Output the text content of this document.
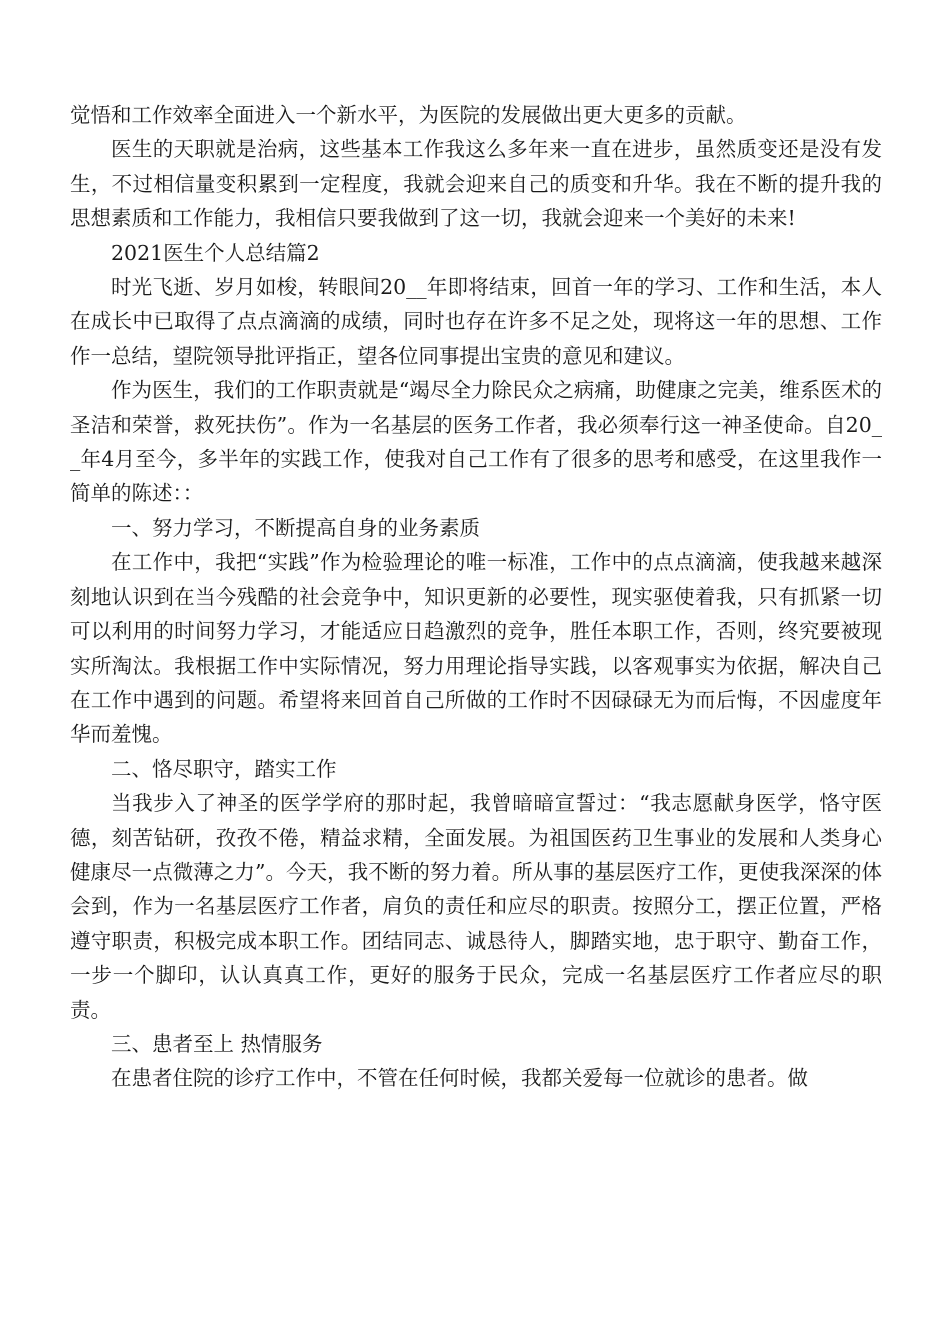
觉悟和工作效率全面进入一个新水平，为医院的发展做出更大更多的贡献。

医生的天职就是治病，这些基本工作我这么多年来一直在进步，虽然质变还是没有发生，不过相信量变积累到一定程度，我就会迎来自己的质变和升华。我在不断的提升我的思想素质和工作能力，我相信只要我做到了这一切，我就会迎来一个美好的未来!

2021医生个人总结篇2

时光飞逝、岁月如梭，转眼间20__年即将结束，回首一年的学习、工作和生活，本人在成长中已取得了点点滴滴的成绩，同时也存在许多不足之处，现将这一年的思想、工作作一总结，望院领导批评指正，望各位同事提出宝贵的意见和建议。

作为医生，我们的工作职责就是“竭尽全力除民众之病痛，助健康之完美，维系医术的圣洁和荣誉，救死扶伤”。作为一名基层的医务工作者，我必须奉行这一神圣使命。自20__年4月至今，多半年的实践工作，使我对自己工作有了很多的思考和感受，在这里我作一简单的陈述：：

一、努力学习，不断提高自身的业务素质

在工作中，我把“实践”作为检验理论的唯一标准，工作中的点点滴滴，使我越来越深刻地认识到在当今残酷的社会竞争中，知识更新的必要性，现实驱使着我，只有抓紧一切可以利用的时间努力学习，才能适应日趋激烈的竞争，胜任本职工作，否则，终究要被现实所淘汰。我根据工作中实际情况，努力用理论指导实践，以客观事实为依据，解决自己在工作中遇到的问题。希望将来回首自己所做的工作时不因碌碌无为而后悔，不因虚度年华而羞愧。

二、恪尽职守，踏实工作

当我步入了神圣的医学学府的那时起，我曾暗暗宣誓过：“我志愿献身医学，恪守医德，刻苦钻研，孜孜不倦，精益求精，全面发展。为祖国医药卫生事业的发展和人类身心健康尽一点微薄之力”。今天，我不断的努力着。所从事的基层医疗工作，更使我深深的体会到，作为一名基层医疗工作者，肩负的责任和应尽的职责。按照分工，摆正位置，严格遵守职责，积极完成本职工作。团结同志、诚恳待人，脚踏实地，忠于职守、勤奋工作，一步一个脚印，认认真真工作，更好的服务于民众，完成一名基层医疗工作者应尽的职责。

三、患者至上 热情服务

在患者住院的诊疗工作中，不管在任何时候，我都关爱每一位就诊的患者。做
